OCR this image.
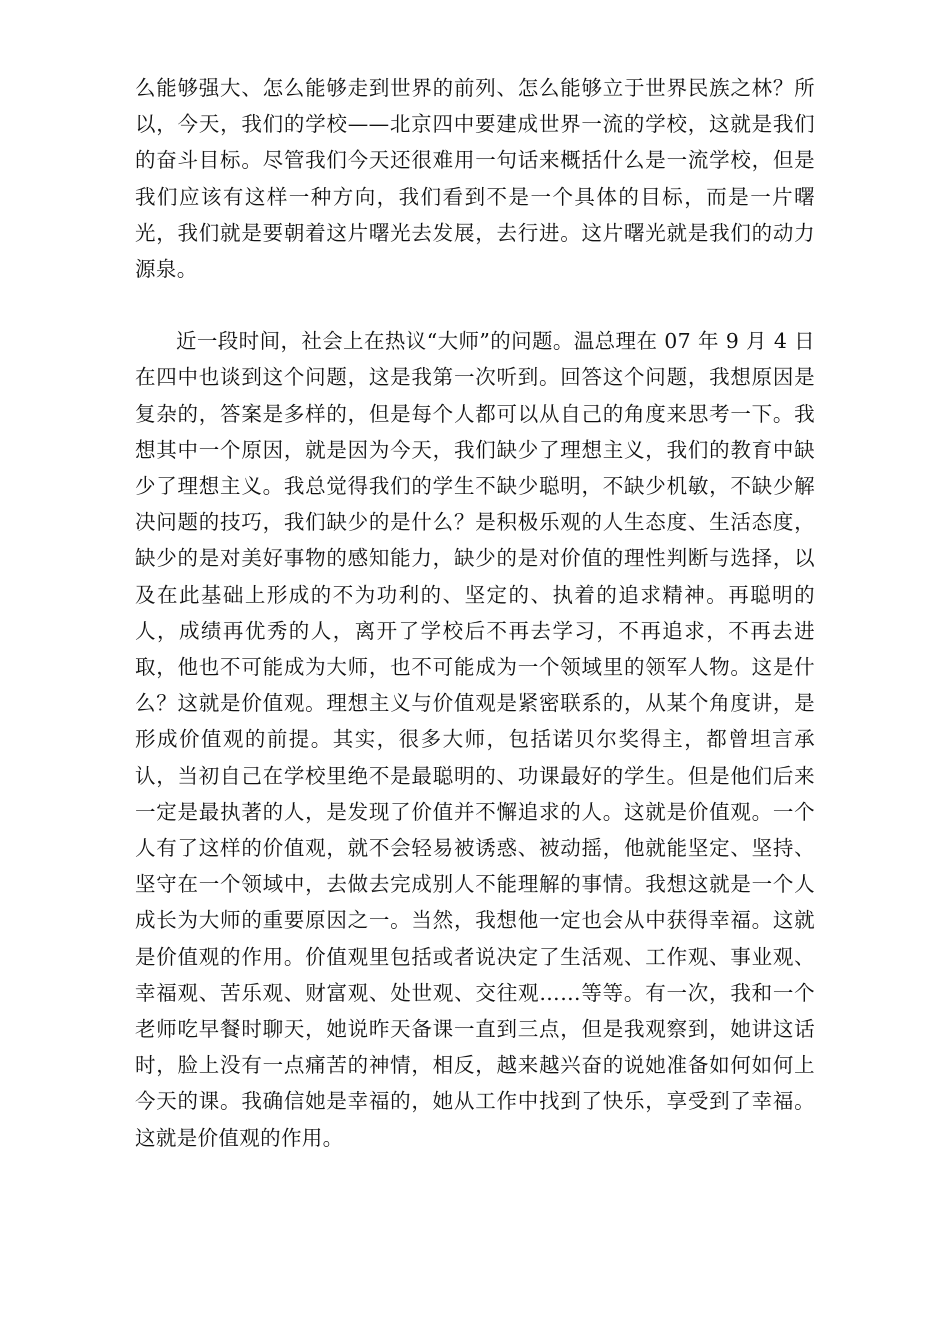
么能够强大、怎么能够走到世界的前列、怎么能够立于世界民族之林？所以，今天，我们的学校——北京四中要建成世界一流的学校，这就是我们的奋斗目标。尽管我们今天还很难用一句话来概括什么是一流学校，但是我们应该有这样一种方向，我们看到不是一个具体的目标，而是一片曙光，我们就是要朝着这片曙光去发展，去行进。这片曙光就是我们的动力源泉。

近一段时间，社会上在热议“大师”的问题。温总理在 07 年 9 月 4 日在四中也谈到这个问题，这是我第一次听到。回答这个问题，我想原因是复杂的，答案是多样的，但是每个人都可以从自己的角度来思考一下。我想其中一个原因，就是因为今天，我们缺少了理想主义，我们的教育中缺少了理想主义。我总觉得我们的学生不缺少聪明，不缺少机敏，不缺少解决问题的技巧，我们缺少的是什么？是积极乐观的人生态度、生活态度，缺少的是对美好事物的感知能力，缺少的是对价值的理性判断与选择，以及在此基础上形成的不为功利的、坚定的、执着的追求精神。再聪明的人，成绩再优秀的人，离开了学校后不再去学习，不再追求，不再去进取，他也不可能成为大师，也不可能成为一个领域里的领军人物。这是什么？这就是价值观。理想主义与价值观是紧密联系的，从某个角度讲，是形成价值观的前提。其实，很多大师，包括诺贝尔奖得主，都曾坦言承认，当初自己在学校里绝不是最聪明的、功课最好的学生。但是他们后来一定是最执著的人，是发现了价值并不懈追求的人。这就是价值观。一个人有了这样的价值观，就不会轻易被诱惑、被动摇，他就能坚定、坚持、坚守在一个领域中，去做去完成别人不能理解的事情。我想这就是一个人成长为大师的重要原因之一。当然，我想他一定也会从中获得幸福。这就是价值观的作用。价值观里包括或者说决定了生活观、工作观、事业观、幸福观、苦乐观、财富观、处世观、交往观……等等。有一次，我和一个老师吃早餐时聊天，她说昨天备课一直到三点，但是我观察到，她讲这话时，脸上没有一点痛苦的神情，相反，越来越兴奋的说她准备如何如何上今天的课。我确信她是幸福的，她从工作中找到了快乐，享受到了幸福。这就是价值观的作用。
